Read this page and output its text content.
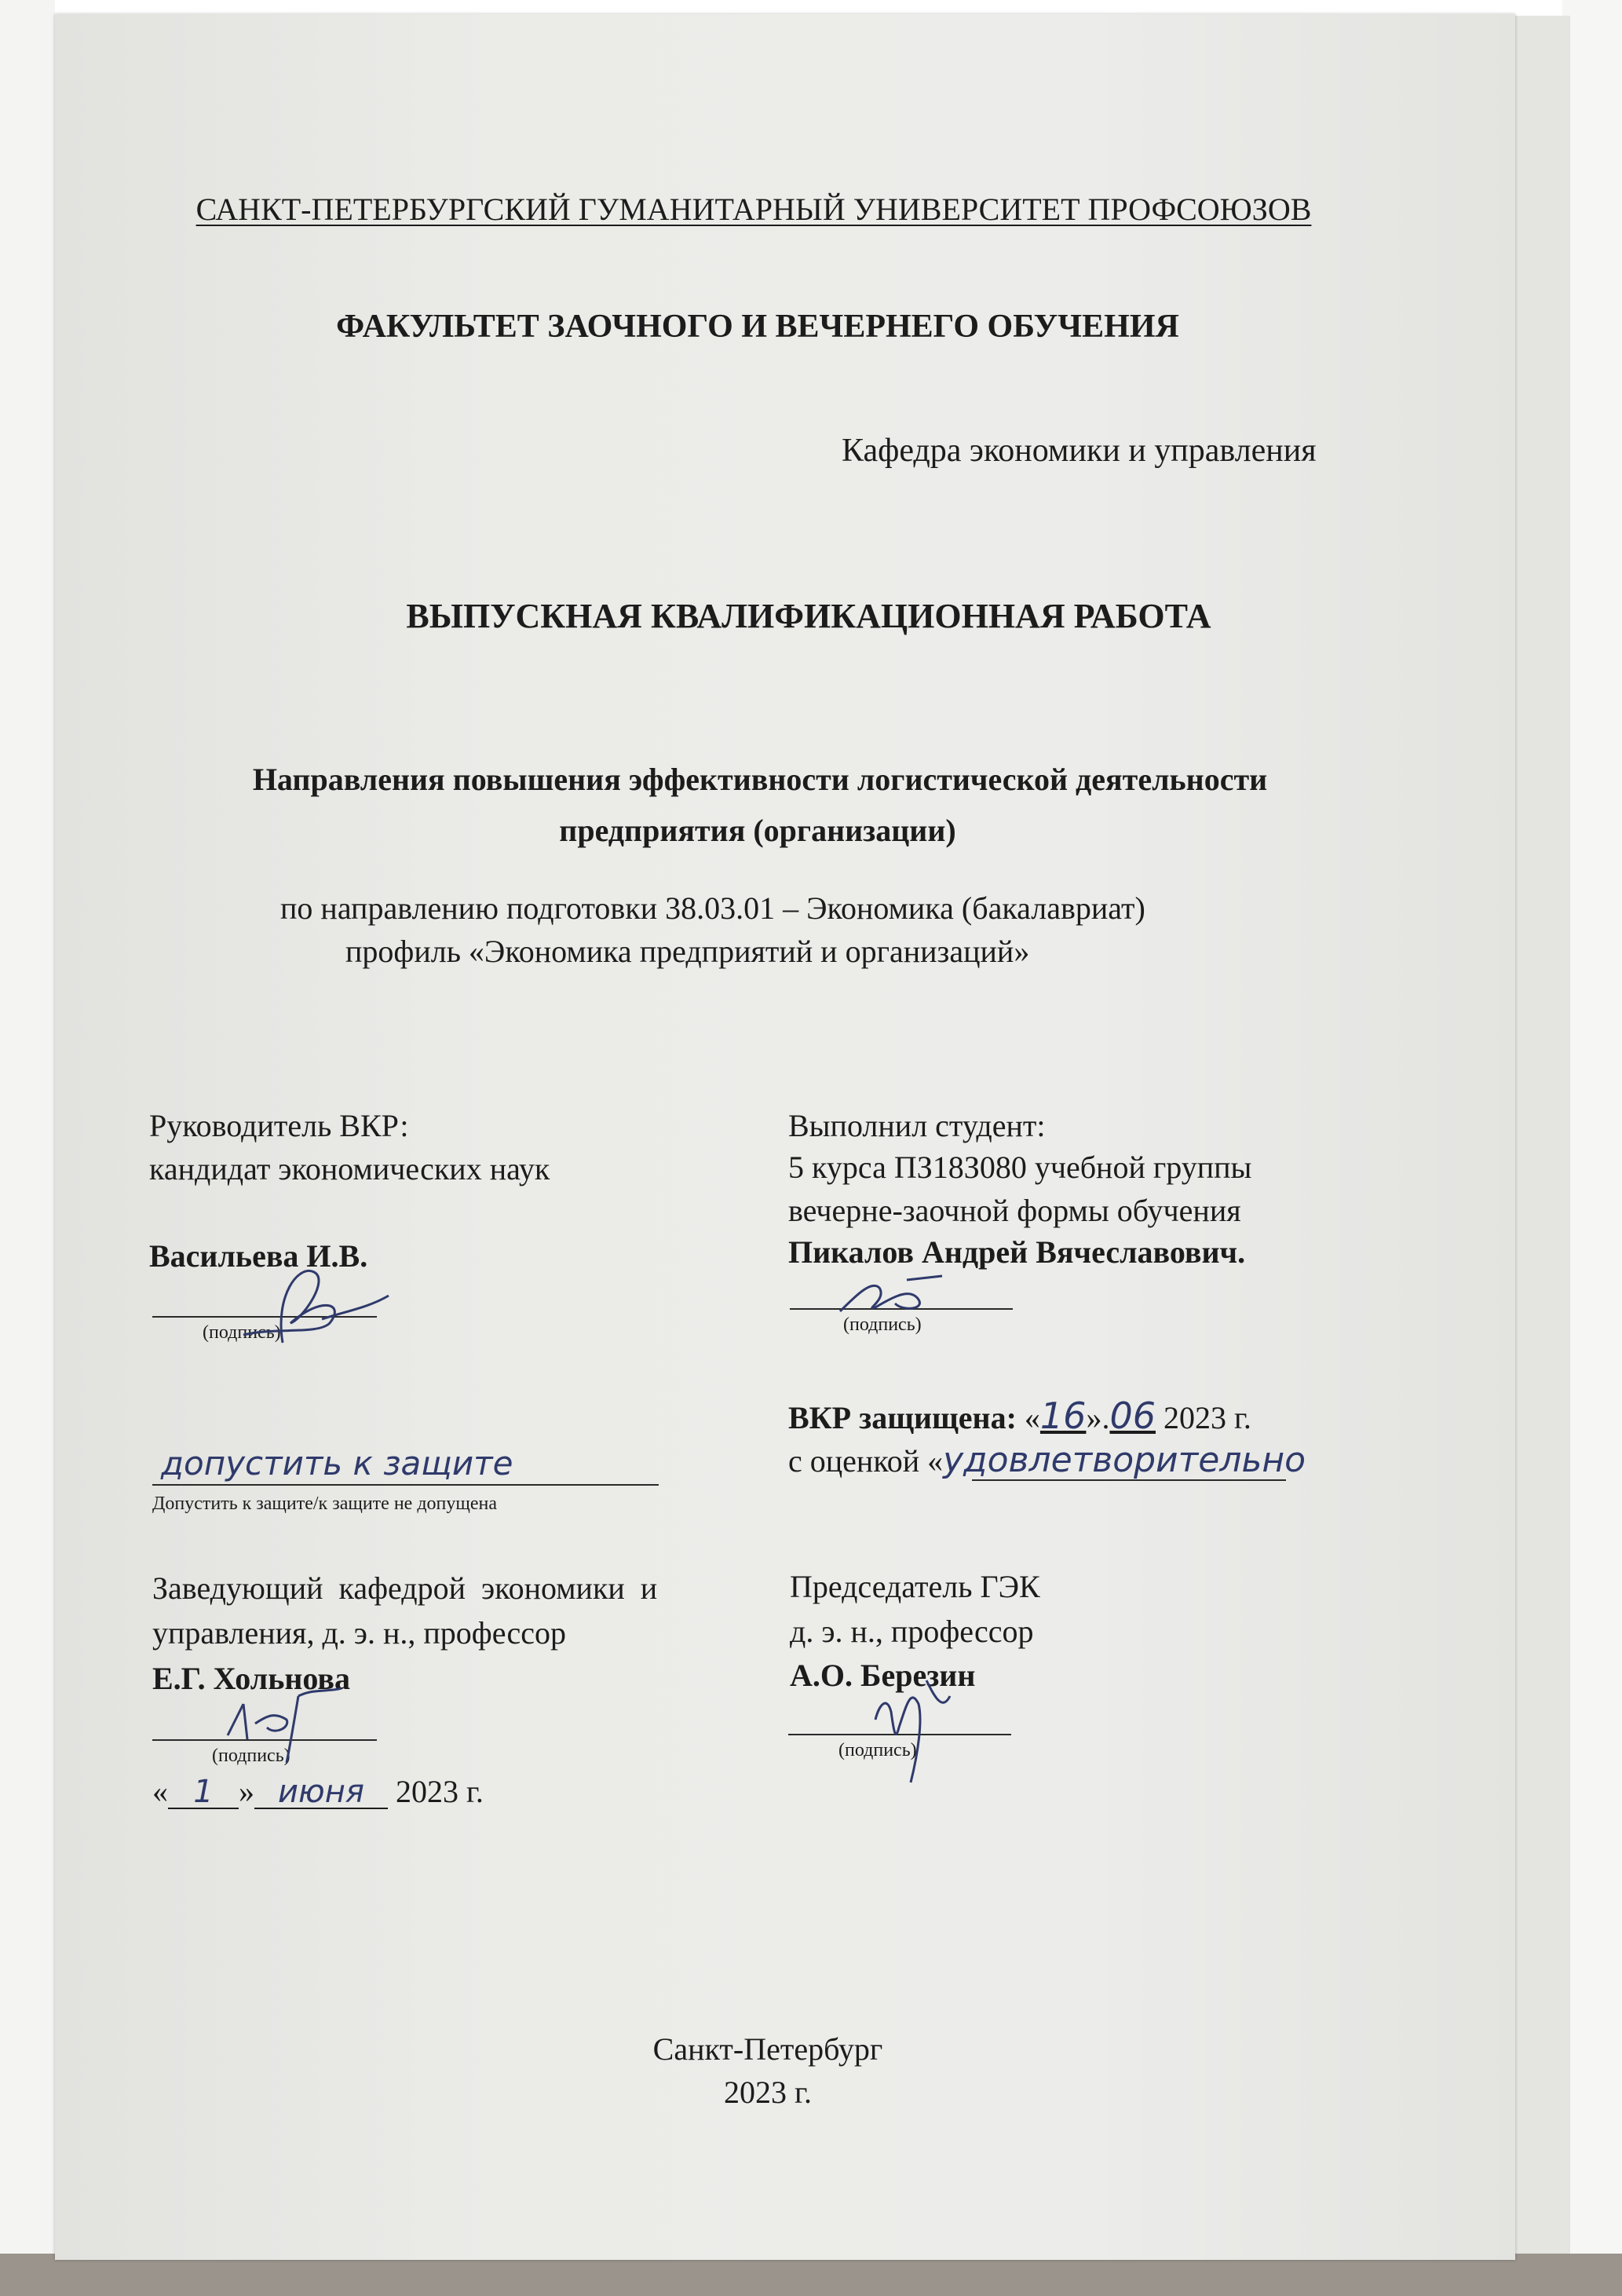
САНКТ-ПЕТЕРБУРГСКИЙ ГУМАНИТАРНЫЙ УНИВЕРСИТЕТ ПРОФСОЮЗОВ
ФАКУЛЬТЕТ ЗАОЧНОГО И ВЕЧЕРНЕГО ОБУЧЕНИЯ
Кафедра экономики и управления
ВЫПУСКНАЯ КВАЛИФИКАЦИОННАЯ РАБОТА
Направления повышения эффективности логистической деятельности
предприятия (организации)
по направлению подготовки 38.03.01 – Экономика (бакалавриат)
профиль «Экономика предприятий и организаций»
Руководитель ВКР:
кандидат экономических наук
Васильева И.В.
(подпись)
Выполнил студент:
5 курса ПЗ18З080 учебной группы
вечерне-заочной формы обучения
Пикалов Андрей Вячеславович.
(подпись)
ВКР защищена: «16».06 2023 г.
с оценкой «удовлетворительно
допустить к защите
Допустить к защите/к защите не допущена
Заведующий кафедрой экономики и
управления, д. э. н., профессор
Е.Г. Хольнова
(подпись)
« 1 » июня 2023 г.
Председатель ГЭК
д. э. н., профессор
А.О. Березин
(подпись)
Санкт-Петербург
2023 г.
